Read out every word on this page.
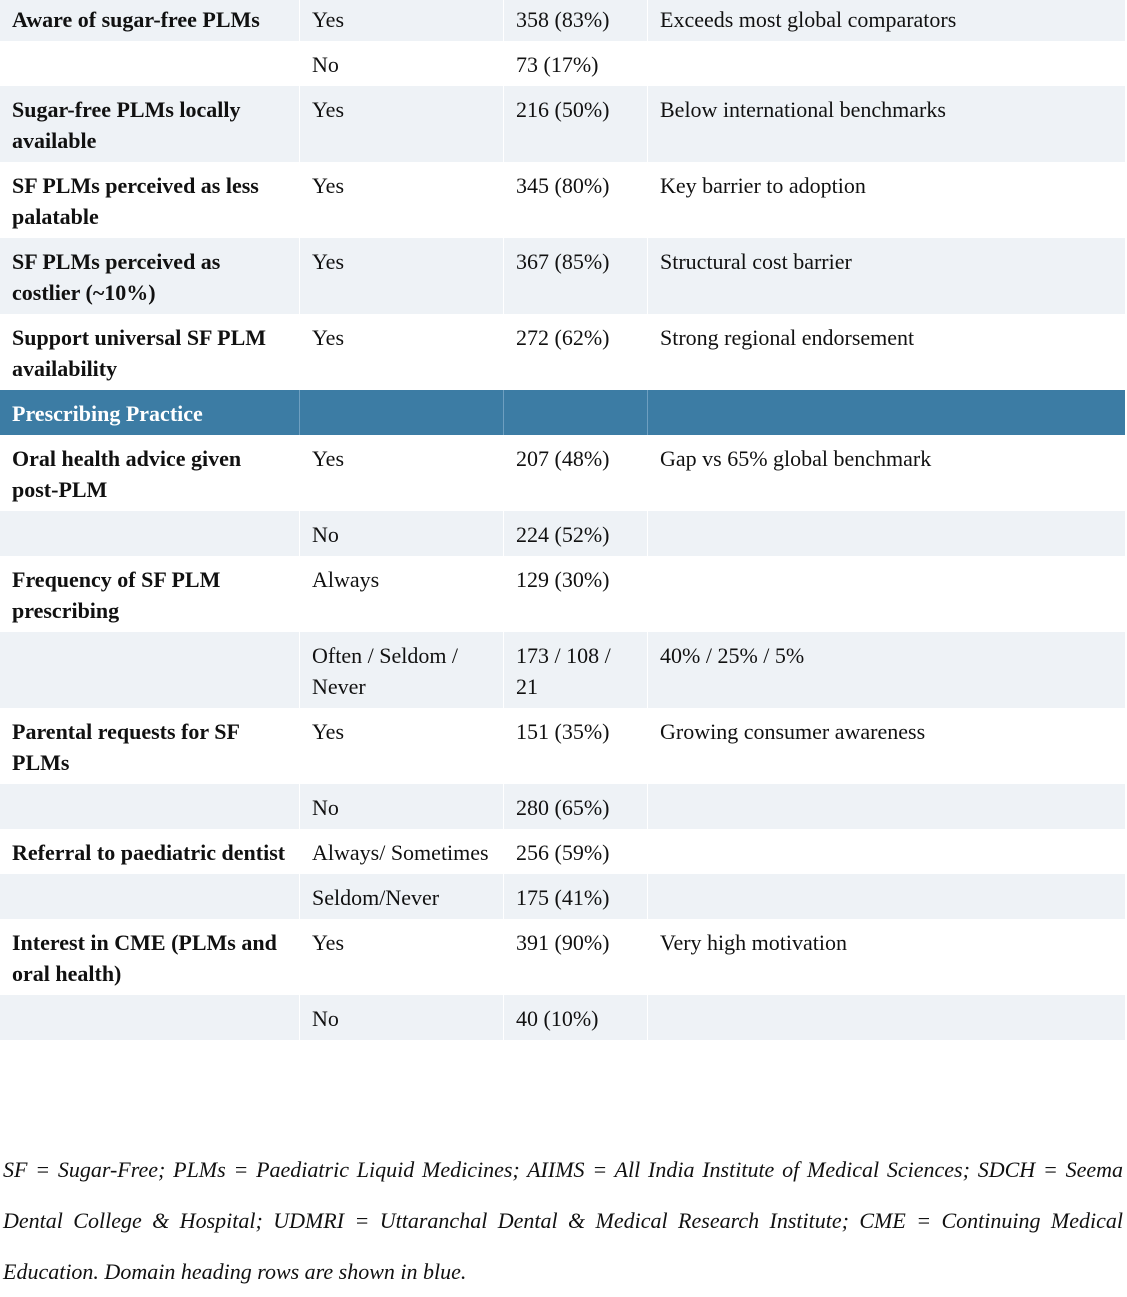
Aware of sugar-free PLMs	Yes	358 (83%)	Exceeds most global comparators
	No	73 (17%)	
Sugar-free PLMs locally available	Yes	216 (50%)	Below international benchmarks
SF PLMs perceived as less palatable	Yes	345 (80%)	Key barrier to adoption
SF PLMs perceived as costlier (~10%)	Yes	367 (85%)	Structural cost barrier
Support universal SF PLM availability	Yes	272 (62%)	Strong regional endorsement
Prescribing Practice			
Oral health advice given post-PLM	Yes	207 (48%)	Gap vs 65% global benchmark
	No	224 (52%)	
Frequency of SF PLM prescribing	Always	129 (30%)	
	Often / Seldom / Never	173 / 108 / 21	40% / 25% / 5%
Parental requests for SF PLMs	Yes	151 (35%)	Growing consumer awareness
	No	280 (65%)	
Referral to paediatric dentist	Always/ Sometimes	256 (59%)	
	Seldom/Never	175 (41%)	
Interest in CME (PLMs and oral health)	Yes	391 (90%)	Very high motivation
	No	40 (10%)	
SF = Sugar-Free; PLMs = Paediatric Liquid Medicines; AIIMS = All India Institute of Medical Sciences; SDCH = Seema Dental College & Hospital; UDMRI = Uttaranchal Dental & Medical Research Institute; CME = Continuing Medical Education. Domain heading rows are shown in blue.
